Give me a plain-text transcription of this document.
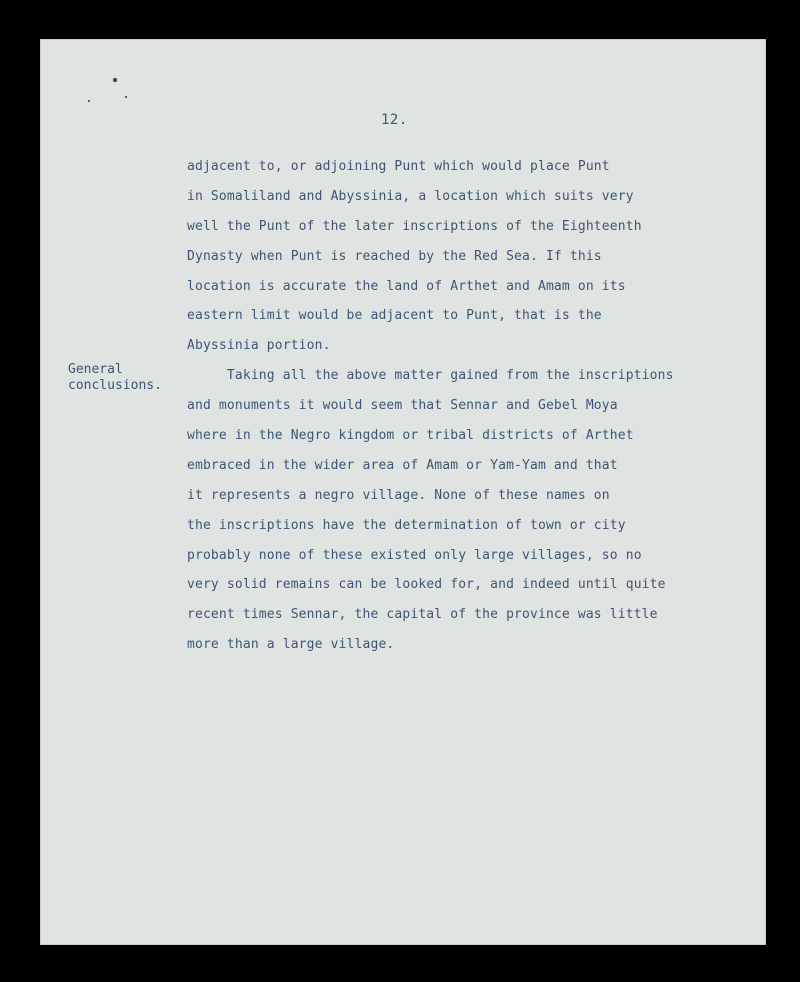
12.
General
conclusions.
adjacent to, or adjoining Punt which would place Punt
in Somaliland and Abyssinia, a location which suits very
well the Punt of the later inscriptions of the Eighteenth
Dynasty when Punt is reached by the Red Sea. If this
location is accurate the land of Arthet and Amam on its
eastern limit would be adjacent to Punt, that is the
Abyssinia portion.
Taking all the above matter gained from the inscriptions
and monuments it would seem that Sennar and Gebel Moya
where in the Negro kingdom or tribal districts of Arthet
embraced in the wider area of Amam or Yam-Yam and that
it represents a negro village. None of these names on
the inscriptions have the determination of town or city
probably none of these existed only large villages, so no
very solid remains can be looked for, and indeed until quite
recent times Sennar, the capital of the province was little
more than a large village.
